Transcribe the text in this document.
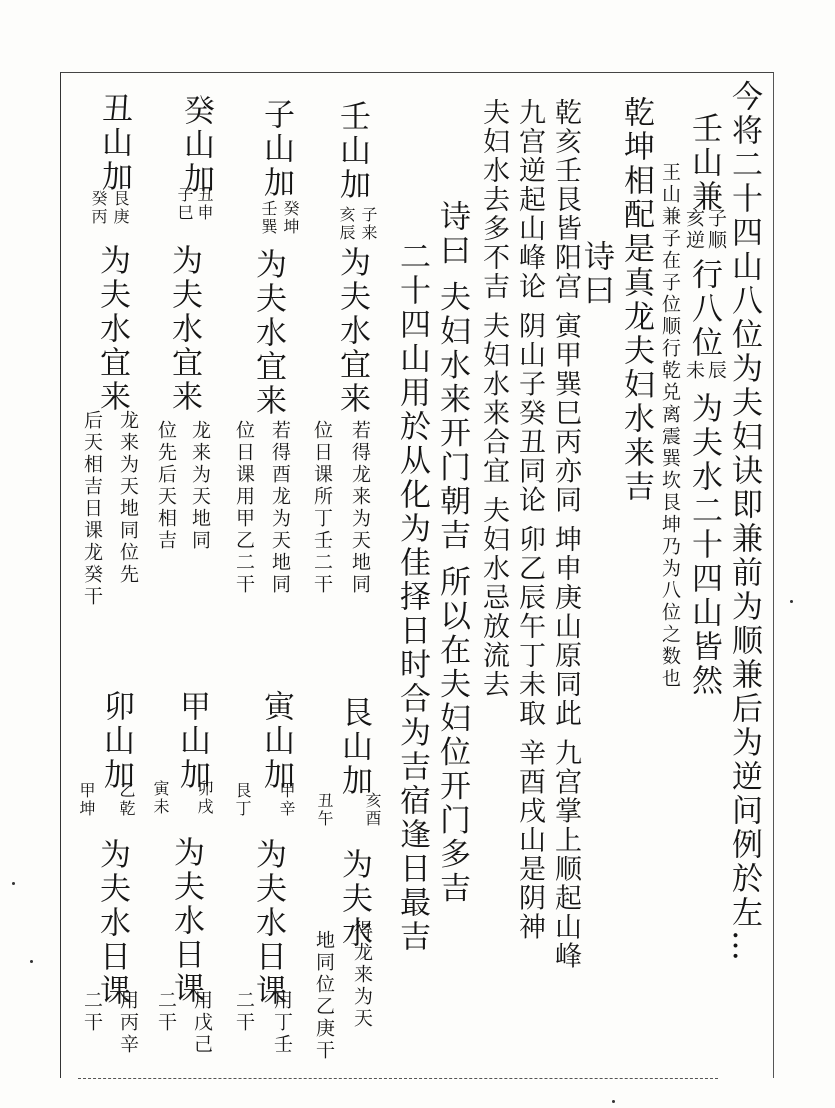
今将二十四山八位为夫妇诀即兼前为顺兼后为逆问例於左…
壬山兼
子顺
亥逆
行八位
辰
未
为夫水二十四山皆然
王山兼子在子位顺行乾兑离震巽坎艮坤乃为八位之数也
乾坤相配是真龙夫妇水来吉
诗曰
乾亥壬艮皆阳宫 寅甲巽巳丙亦同 坤申庚山原同此 九宫掌上顺起山峰
九宫逆起山峰论 阴山子癸丑同论 卯乙辰午丁未取 辛酉戌山是阴神
夫妇水去多不吉 夫妇水来合宜 夫妇水忌放流去
诗曰 夫妇水来开门朝吉 所以在夫妇位开门多吉
二十四山用於从化为佳择日时合为吉宿逢日最吉
壬山加
子来
亥辰
为夫水宜来
若得龙来为天地同
位日课所丁壬二干
子山加
癸坤
壬巽
为夫水宜来
若得酉龙为天地同
位日课用甲乙二干
癸山加
丑申
子巳
为夫水宜来
龙来为天地同
位先后天相吉
丑山加
艮庚
癸丙
为夫水宜来
龙来为天地同位先
后天相吉日课龙癸干
艮山加
亥酉
丑午
为夫水
得龙来为天
地同位乙庚干
寅山加
甲辛
艮丁
为夫水日课
用丁壬
二干
甲山加
卯戌
寅未
为夫水日课
用戊己
二干
卯山加
乙乾
甲坤
为夫水日课
用丙辛
二干
